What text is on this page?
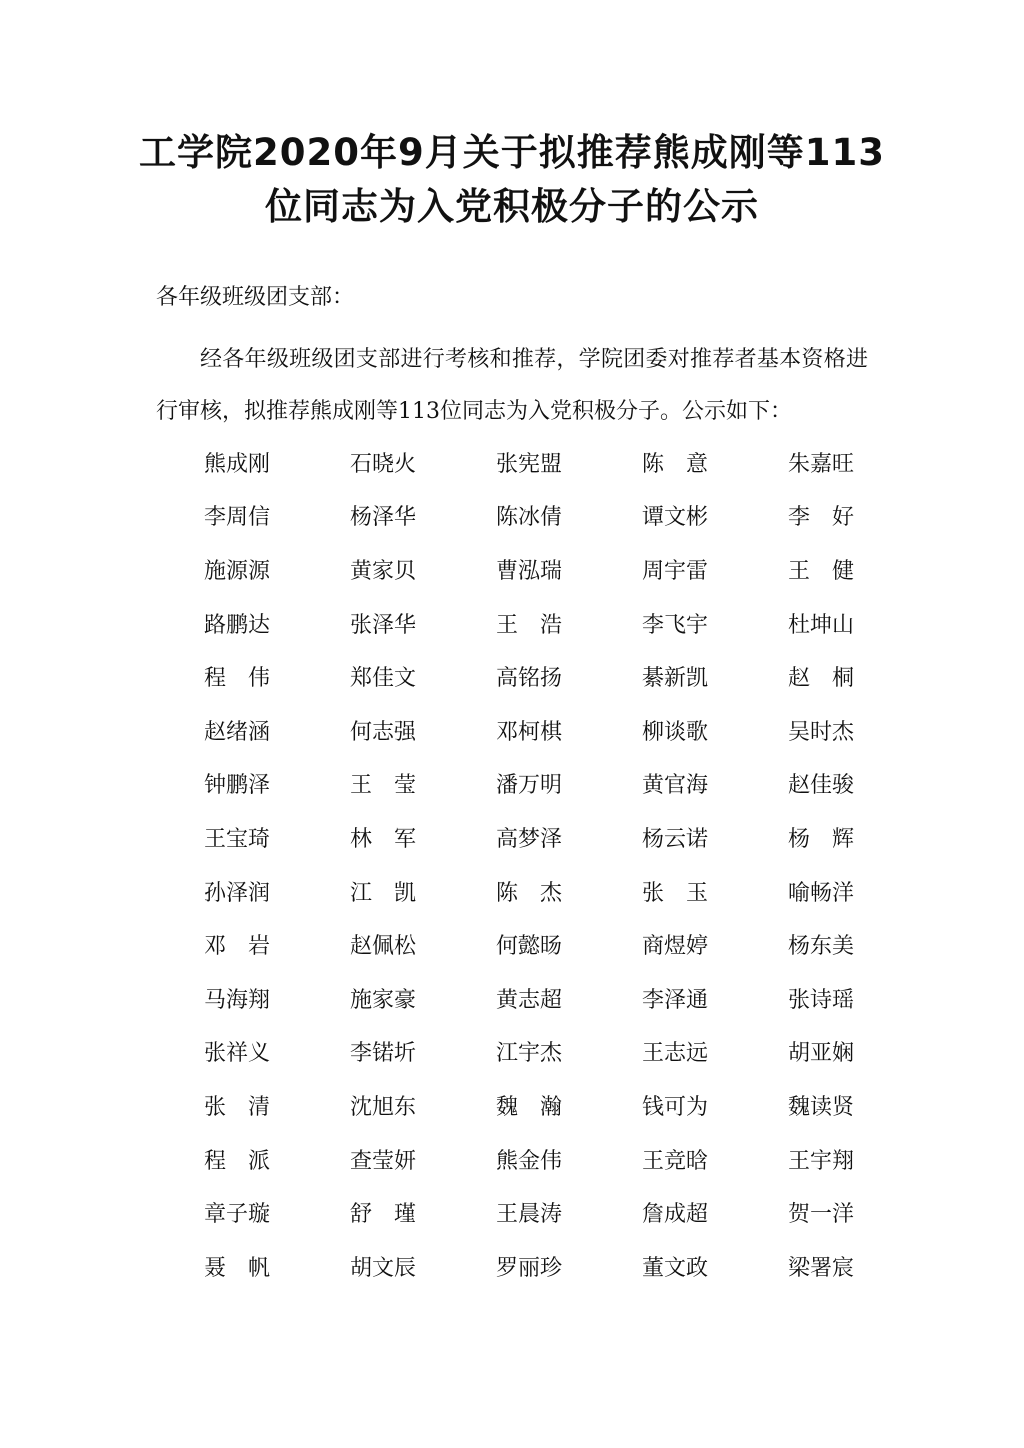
工学院2020年9月关于拟推荐熊成刚等113
位同志为入党积极分子的公示
各年级班级团支部：
经各年级班级团支部进行考核和推荐，学院团委对推荐者基本资格进行审核，拟推荐熊成刚等113位同志为入党积极分子。公示如下：
熊成刚	石晓火	张宪盟	陈　意	朱嘉旺
李周信	杨泽华	陈冰倩	谭文彬	李　好
施源源	黄家贝	曹泓瑞	周宇雷	王　健
路鹏达	张泽华	王　浩	李飞宇	杜坤山
程　伟	郑佳文	高铭扬	綦新凯	赵　桐
赵绪涵	何志强	邓柯棋	柳谈歌	吴时杰
钟鹏泽	王　莹	潘万明	黄官海	赵佳骏
王宝琦	林　军	高梦泽	杨云诺	杨　辉
孙泽润	江　凯	陈　杰	张　玉	喻畅洋
邓　岩	赵佩松	何懿旸	商煜婷	杨东美
马海翔	施家豪	黄志超	李泽通	张诗瑶
张祥义	李锘圻	江宇杰	王志远	胡亚娴
张　清	沈旭东	魏　瀚	钱可为	魏读贤
程　派	查莹妍	熊金伟	王竞晗	王宇翔
章子璇	舒　瑾	王晨涛	詹成超	贺一洋
聂　帆	胡文辰	罗丽珍	董文政	梁署宸
